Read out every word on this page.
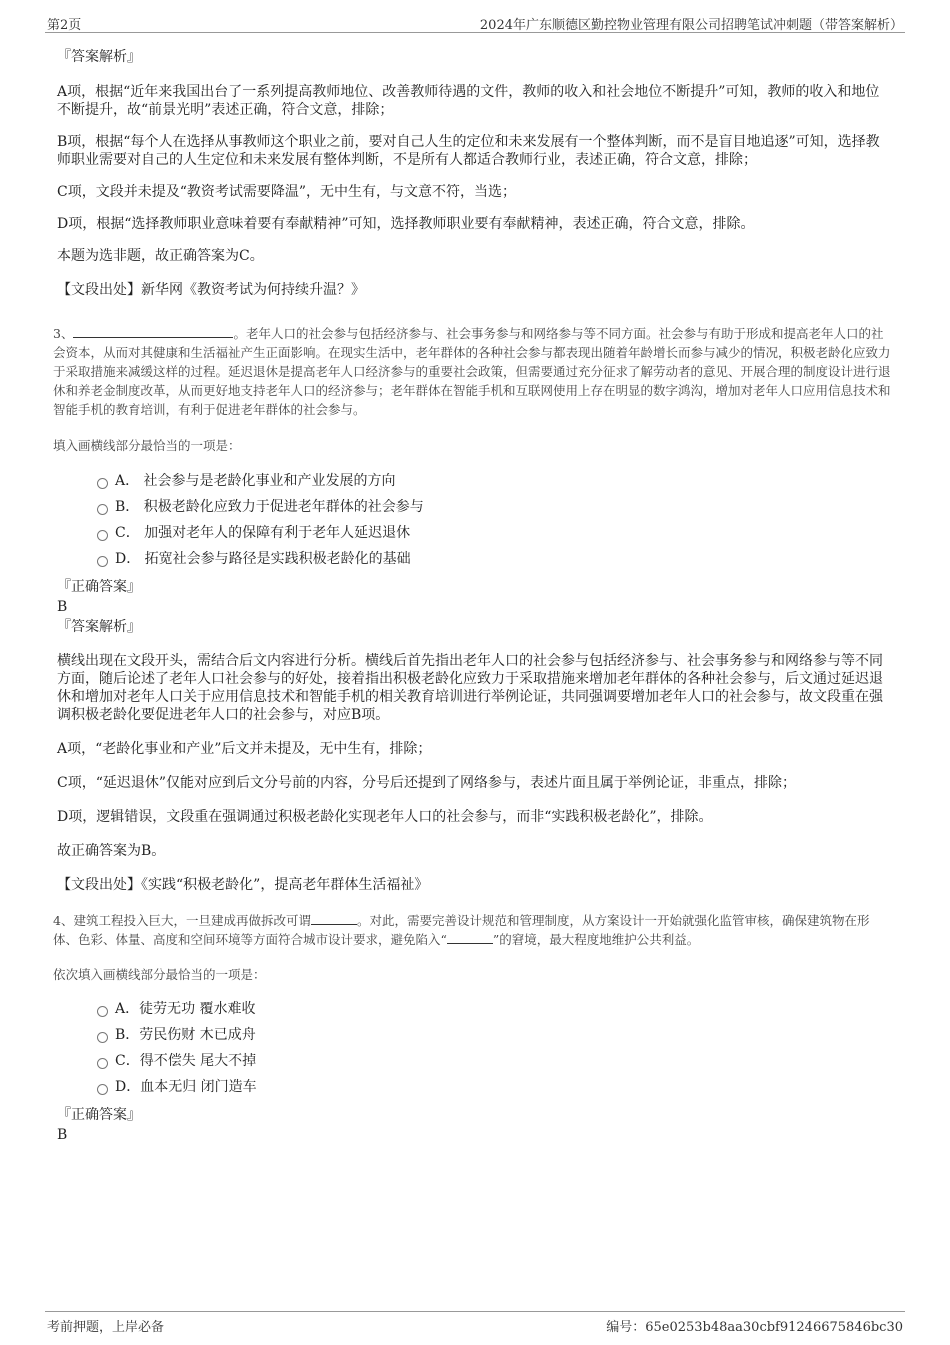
第2页	2024年广东顺德区勤控物业管理有限公司招聘笔试冲刺题（带答案解析）

『答案解析』

A项，根据“近年来我国出台了一系列提高教师地位、改善教师待遇的文件，教师的收入和社会地位不断提升”可知，教师的收入和地位不断提升，故“前景光明”表述正确，符合文意，排除；

B项，根据“每个人在选择从事教师这个职业之前，要对自己人生的定位和未来发展有一个整体判断，而不是盲目地追逐”可知，选择教师职业需要对自己的人生定位和未来发展有整体判断，不是所有人都适合教师行业，表述正确，符合文意，排除；

C项，文段并未提及“教资考试需要降温”，无中生有，与文意不符，当选；

D项，根据“选择教师职业意味着要有奉献精神”可知，选择教师职业要有奉献精神，表述正确，符合文意，排除。

本题为选非题，故正确答案为C。

【文段出处】新华网《教资考试为何持续升温？》

3、	。老年人口的社会参与包括经济参与、社会事务参与和网络参与等不同方面。社会参与有助于形成和提高老年人口的社会资本，从而对其健康和生活福祉产生正面影响。在现实生活中，老年群体的各种社会参与都表现出随着年龄增长而参与减少的情况，积极老龄化应致力于采取措施来减缓这样的过程。延迟退休是提高老年人口经济参与的重要社会政策，但需要通过充分征求了解劳动者的意见、开展合理的制度设计进行退休和养老金制度改革，从而更好地支持老年人口的经济参与；老年群体在智能手机和互联网使用上存在明显的数字鸿沟，增加对老年人口应用信息技术和智能手机的教育培训，有利于促进老年群体的社会参与。

填入画横线部分最恰当的一项是：

A． 社会参与是老龄化事业和产业发展的方向
B． 积极老龄化应致力于促进老年群体的社会参与
C． 加强对老年人的保障有利于老年人延迟退休
D． 拓宽社会参与路径是实践积极老龄化的基础

『正确答案』

B

『答案解析』

横线出现在文段开头，需结合后文内容进行分析。横线后首先指出老年人口的社会参与包括经济参与、社会事务参与和网络参与等不同方面，随后论述了老年人口社会参与的好处，接着指出积极老龄化应致力于采取措施来增加老年群体的各种社会参与，后文通过延迟退休和增加对老年人口关于应用信息技术和智能手机的相关教育培训进行举例论证，共同强调要增加老年人口的社会参与，故文段重在强调积极老龄化要促进老年人口的社会参与，对应B项。

A项，“老龄化事业和产业”后文并未提及，无中生有，排除；

C项，“延迟退休”仅能对应到后文分号前的内容，分号后还提到了网络参与，表述片面且属于举例论证，非重点，排除；

D项，逻辑错误，文段重在强调通过积极老龄化实现老年人口的社会参与，而非“实践积极老龄化”，排除。

故正确答案为B。

【文段出处】《实践“积极老龄化”，提高老年群体生活福祉》

4、建筑工程投入巨大，一旦建成再做拆改可谓	。对此，需要完善设计规范和管理制度，从方案设计一开始就强化监管审核，确保建筑物在形体、色彩、体量、高度和空间环境等方面符合城市设计要求，避免陷入“	”的窘境，最大程度地维护公共利益。

依次填入画横线部分最恰当的一项是：

A．徒劳无功 覆水难收
B．劳民伤财 木已成舟
C．得不偿失 尾大不掉
D．血本无归 闭门造车

『正确答案』

B

考前押题，上岸必备	编号：65e0253b48aa30cbf91246675846bc30
